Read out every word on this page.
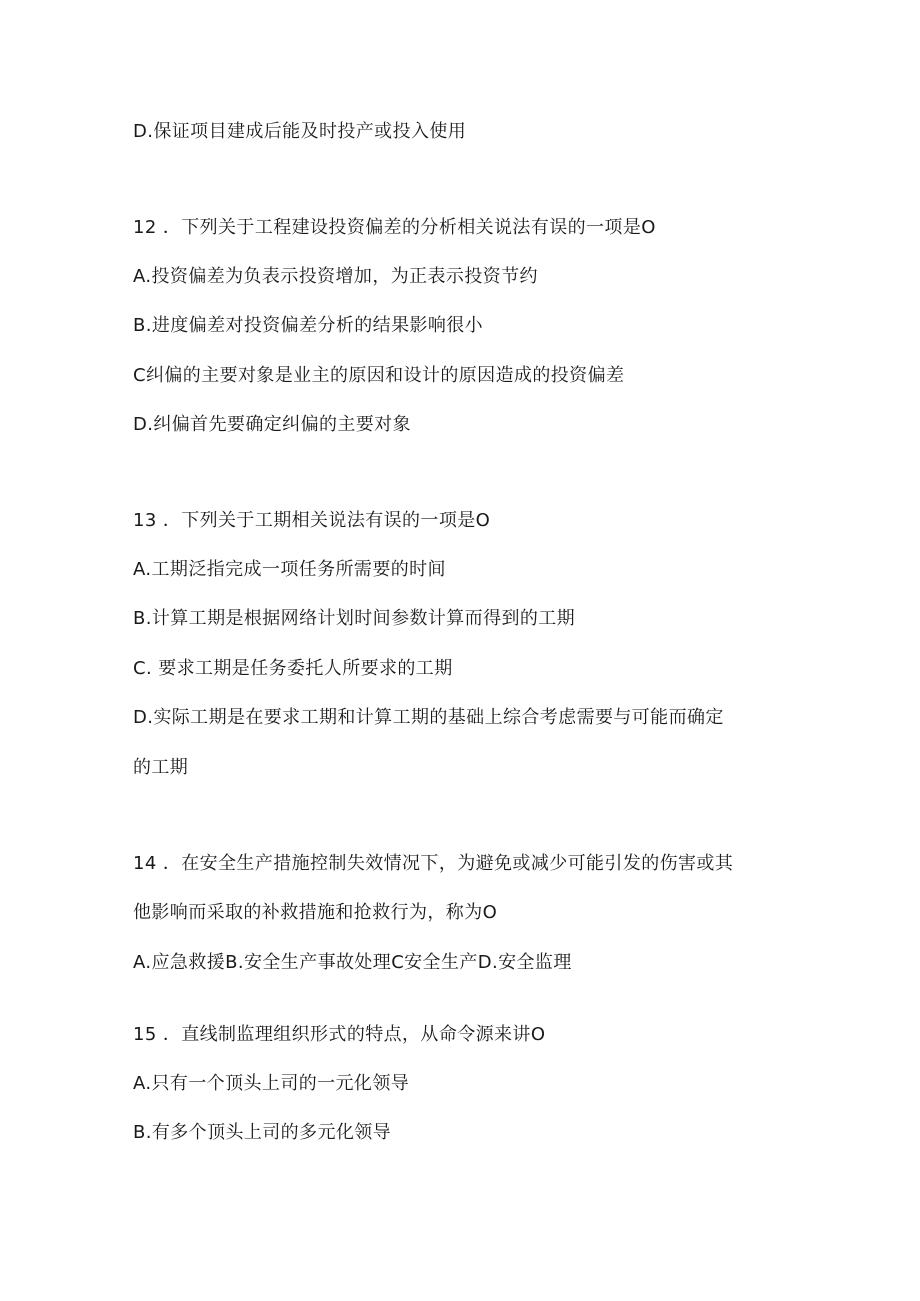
D.保证项目建成后能及时投产或投入使用
12 ．下列关于工程建设投资偏差的分析相关说法有误的一项是O
A.投资偏差为负表示投资增加，为正表示投资节约
B.进度偏差对投资偏差分析的结果影响很小
C纠偏的主要对象是业主的原因和设计的原因造成的投资偏差
D.纠偏首先要确定纠偏的主要对象
13 ．下列关于工期相关说法有误的一项是O
A.工期泛指完成一项任务所需要的时间
B.计算工期是根据网络计划时间参数计算而得到的工期
C. 要求工期是任务委托人所要求的工期
D.实际工期是在要求工期和计算工期的基础上综合考虑需要与可能而确定
的工期
14 ．在安全生产措施控制失效情况下，为避免或减少可能引发的伤害或其
他影响而采取的补救措施和抢救行为，称为O
A.应急救援B.安全生产事故处理C安全生产D.安全监理
15 ．直线制监理组织形式的特点，从命令源来讲O
A.只有一个顶头上司的一元化领导
B.有多个顶头上司的多元化领导
